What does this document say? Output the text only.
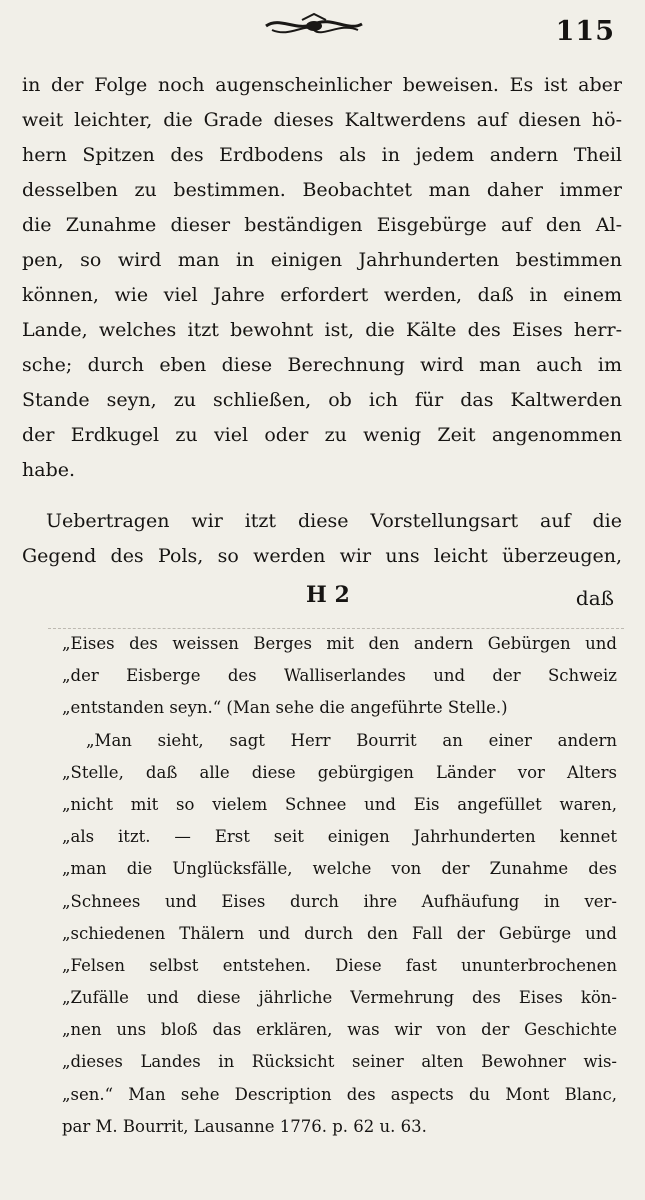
115
in der Folge noch augenscheinlicher beweisen. Es ist aber
weit leichter, die Grade dieses Kaltwerdens auf diesen hö-
hern Spitzen des Erdbodens als in jedem andern Theil
desselben zu bestimmen. Beobachtet man daher immer
die Zunahme dieser beständigen Eisgebürge auf den Al-
pen, so wird man in einigen Jahrhunderten bestimmen
können, wie viel Jahre erfordert werden, daß in einem
Lande, welches itzt bewohnt ist, die Kälte des Eises herr-
sche; durch eben diese Berechnung wird man auch im
Stande seyn, zu schließen, ob ich für das Kaltwerden
der Erdkugel zu viel oder zu wenig Zeit angenommen
habe.
Uebertragen wir itzt diese Vorstellungsart auf die
Gegend des Pols, so werden wir uns leicht überzeugen,
H 2	daß
„Eises des weissen Berges mit den andern Gebürgen und
„der Eisberge des Walliserlandes und der Schweiz
„entstanden seyn.“ (Man sehe die angeführte Stelle.)
„Man sieht, sagt Herr Bourrit an einer andern
„Stelle, daß alle diese gebürgigen Länder vor Alters
„nicht mit so vielem Schnee und Eis angefüllet waren,
„als itzt. — Erst seit einigen Jahrhunderten kennet
„man die Unglücksfälle, welche von der Zunahme des
„Schnees und Eises durch ihre Aufhäufung in ver-
„schiedenen Thälern und durch den Fall der Gebürge und
„Felsen selbst entstehen. Diese fast ununterbrochenen
„Zufälle und diese jährliche Vermehrung des Eises kön-
„nen uns bloß das erklären, was wir von der Geschichte
„dieses Landes in Rücksicht seiner alten Bewohner wis-
„sen.“ Man sehe Description des aspects du Mont Blanc,
par M. Bourrit, Lausanne 1776. p. 62 u. 63.
